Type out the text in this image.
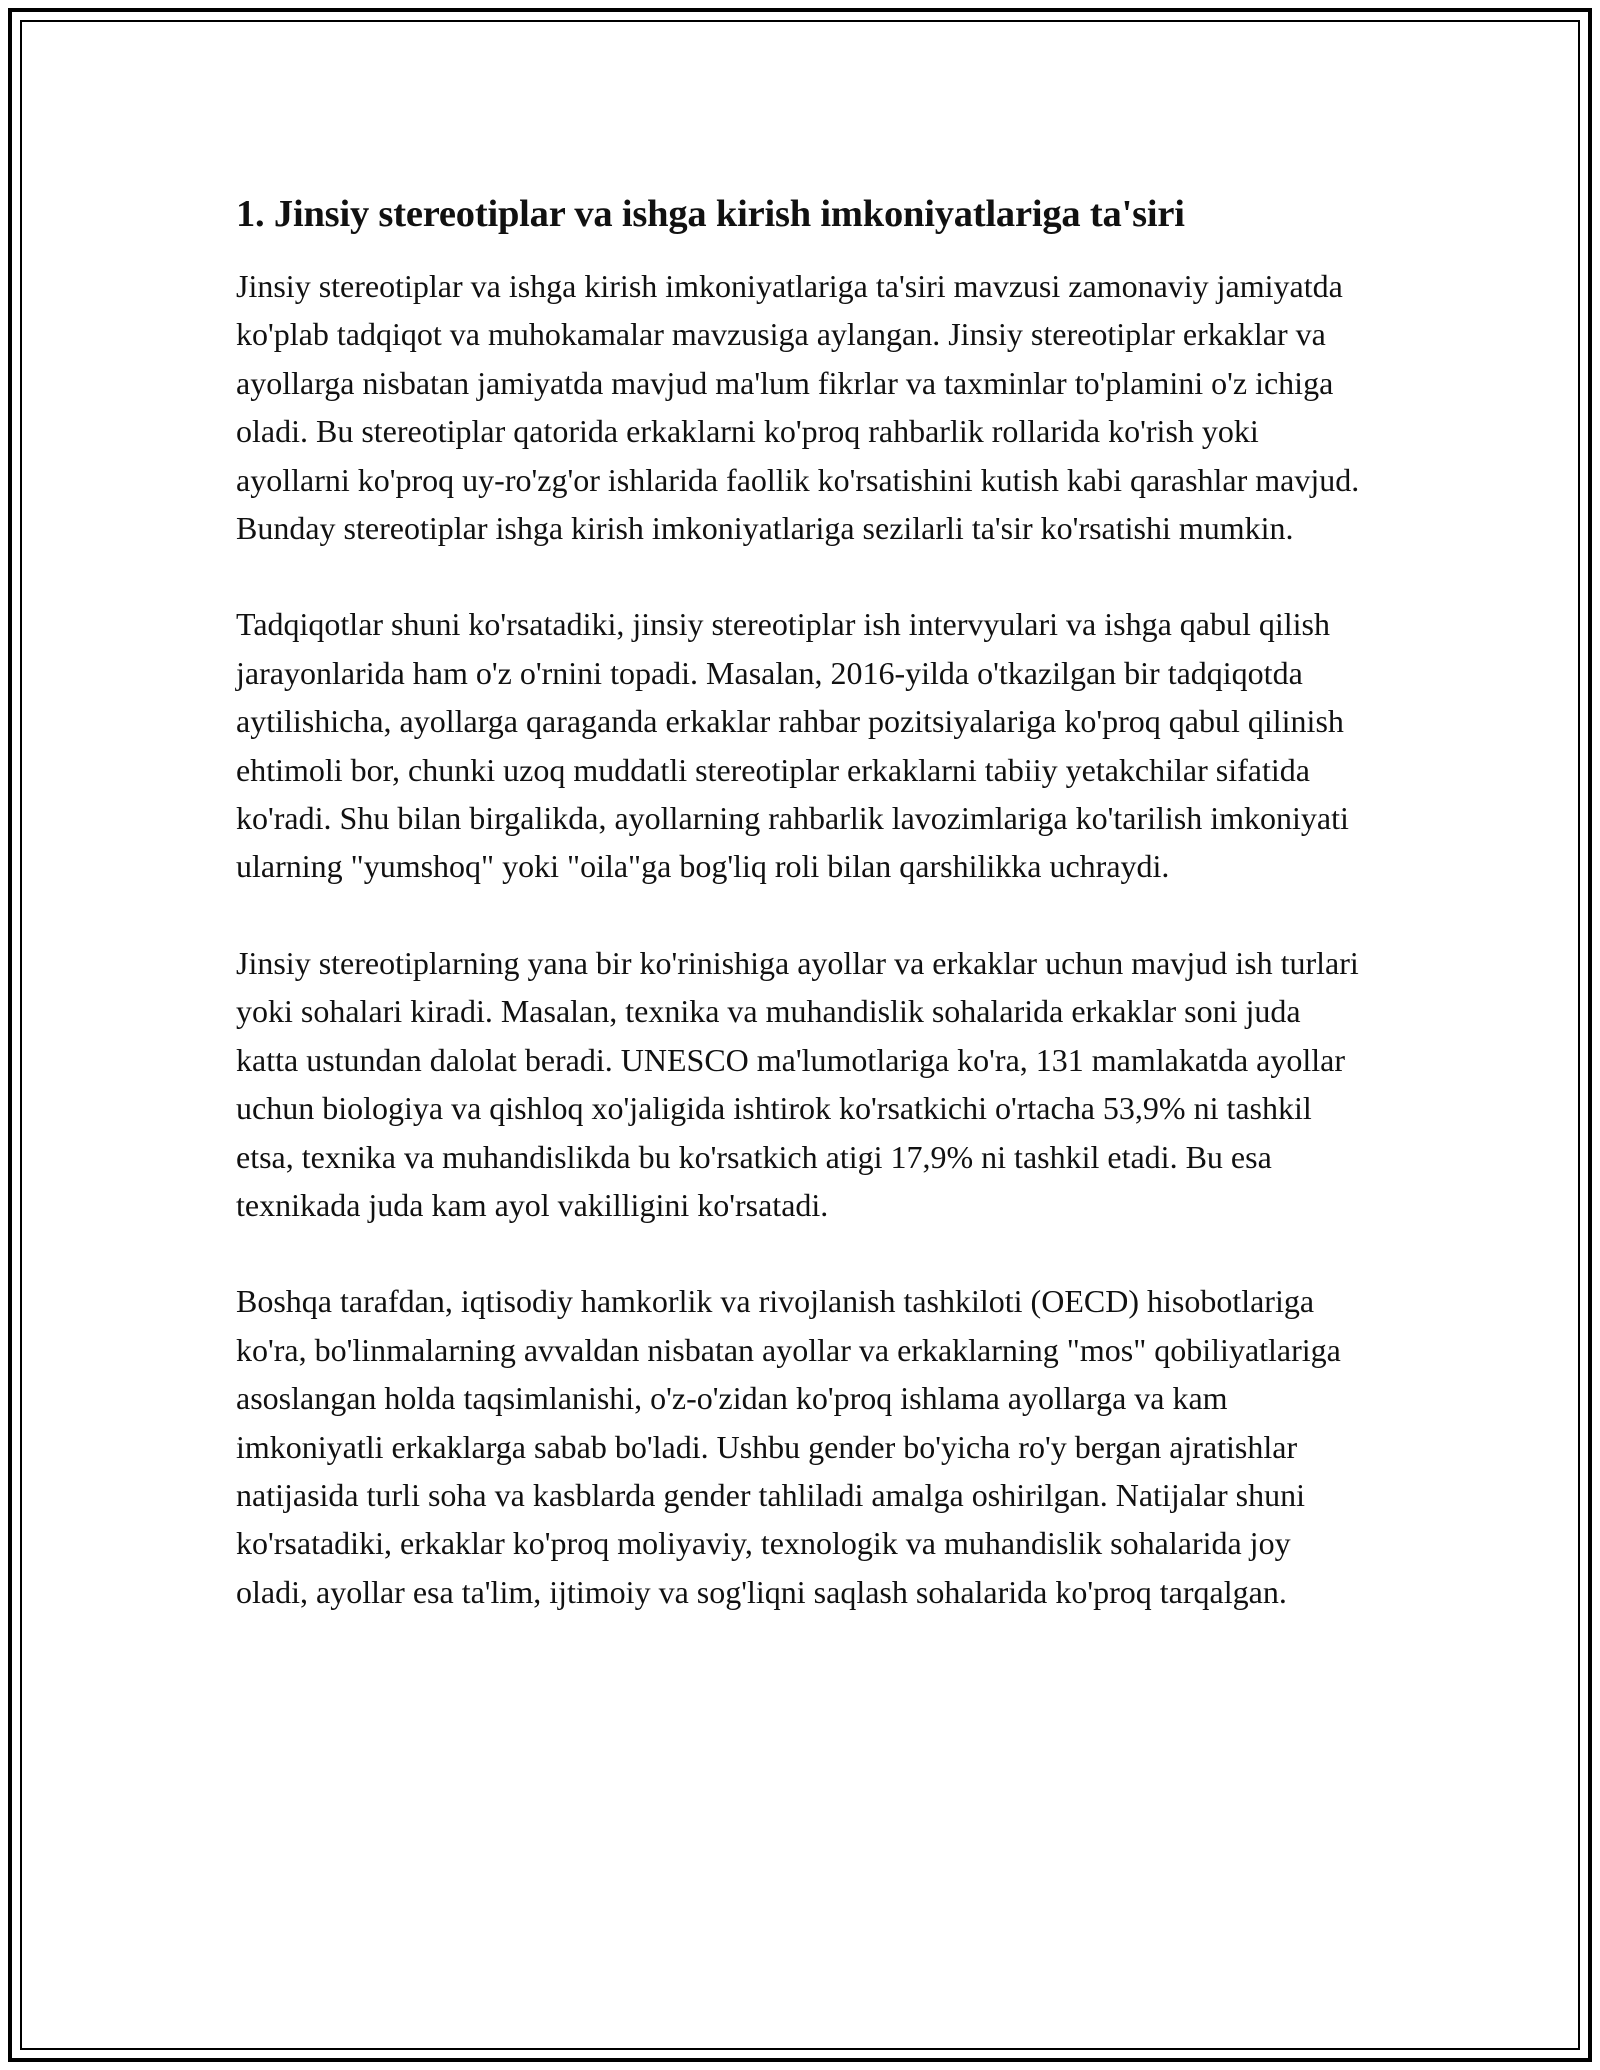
1. Jinsiy stereotiplar va ishga kirish imkoniyatlariga ta'siri

Jinsiy stereotiplar va ishga kirish imkoniyatlariga ta'siri mavzusi zamonaviy jamiyatda ko'plab tadqiqot va muhokamalar mavzusiga aylangan. Jinsiy stereotiplar erkaklar va ayollarga nisbatan jamiyatda mavjud ma'lum fikrlar va taxminlar to'plamini o'z ichiga oladi. Bu stereotiplar qatorida erkaklarni ko'proq rahbarlik rollarida ko'rish yoki ayollarni ko'proq uy-ro'zg'or ishlarida faollik ko'rsatishini kutish kabi qarashlar mavjud. Bunday stereotiplar ishga kirish imkoniyatlariga sezilarli ta'sir ko'rsatishi mumkin.

Tadqiqotlar shuni ko'rsatadiki, jinsiy stereotiplar ish intervyulari va ishga qabul qilish jarayonlarida ham o'z o'rnini topadi. Masalan, 2016-yilda o'tkazilgan bir tadqiqotda aytilishicha, ayollarga qaraganda erkaklar rahbar pozitsiyalariga ko'proq qabul qilinish ehtimoli bor, chunki uzoq muddatli stereotiplar erkaklarni tabiiy yetakchilar sifatida ko'radi. Shu bilan birgalikda, ayollarning rahbarlik lavozimlariga ko'tarilish imkoniyati ularning "yumshoq" yoki "oila"ga bog'liq roli bilan qarshilikka uchraydi.

Jinsiy stereotiplarning yana bir ko'rinishiga ayollar va erkaklar uchun mavjud ish turlari yoki sohalari kiradi. Masalan, texnika va muhandislik sohalarida erkaklar soni juda katta ustundan dalolat beradi. UNESCO ma'lumotlariga ko'ra, 131 mamlakatda ayollar uchun biologiya va qishloq xo'jaligida ishtirok ko'rsatkichi o'rtacha 53,9% ni tashkil etsa, texnika va muhandislikda bu ko'rsatkich atigi 17,9% ni tashkil etadi. Bu esa texnikada juda kam ayol vakilligini ko'rsatadi.

Boshqa tarafdan, iqtisodiy hamkorlik va rivojlanish tashkiloti (OECD) hisobotlariga ko'ra, bo'linmalarning avvaldan nisbatan ayollar va erkaklarning "mos" qobiliyatlariga asoslangan holda taqsimlanishi, o'z-o'zidan ko'proq ishlama ayollarga va kam imkoniyatli erkaklarga sabab bo'ladi. Ushbu gender bo'yicha ro'y bergan ajratishlar natijasida turli soha va kasblarda gender tahliladi amalga oshirilgan. Natijalar shuni ko'rsatadiki, erkaklar ko'proq moliyaviy, texnologik va muhandislik sohalarida joy oladi, ayollar esa ta'lim, ijtimoiy va sog'liqni saqlash sohalarida ko'proq tarqalgan.
